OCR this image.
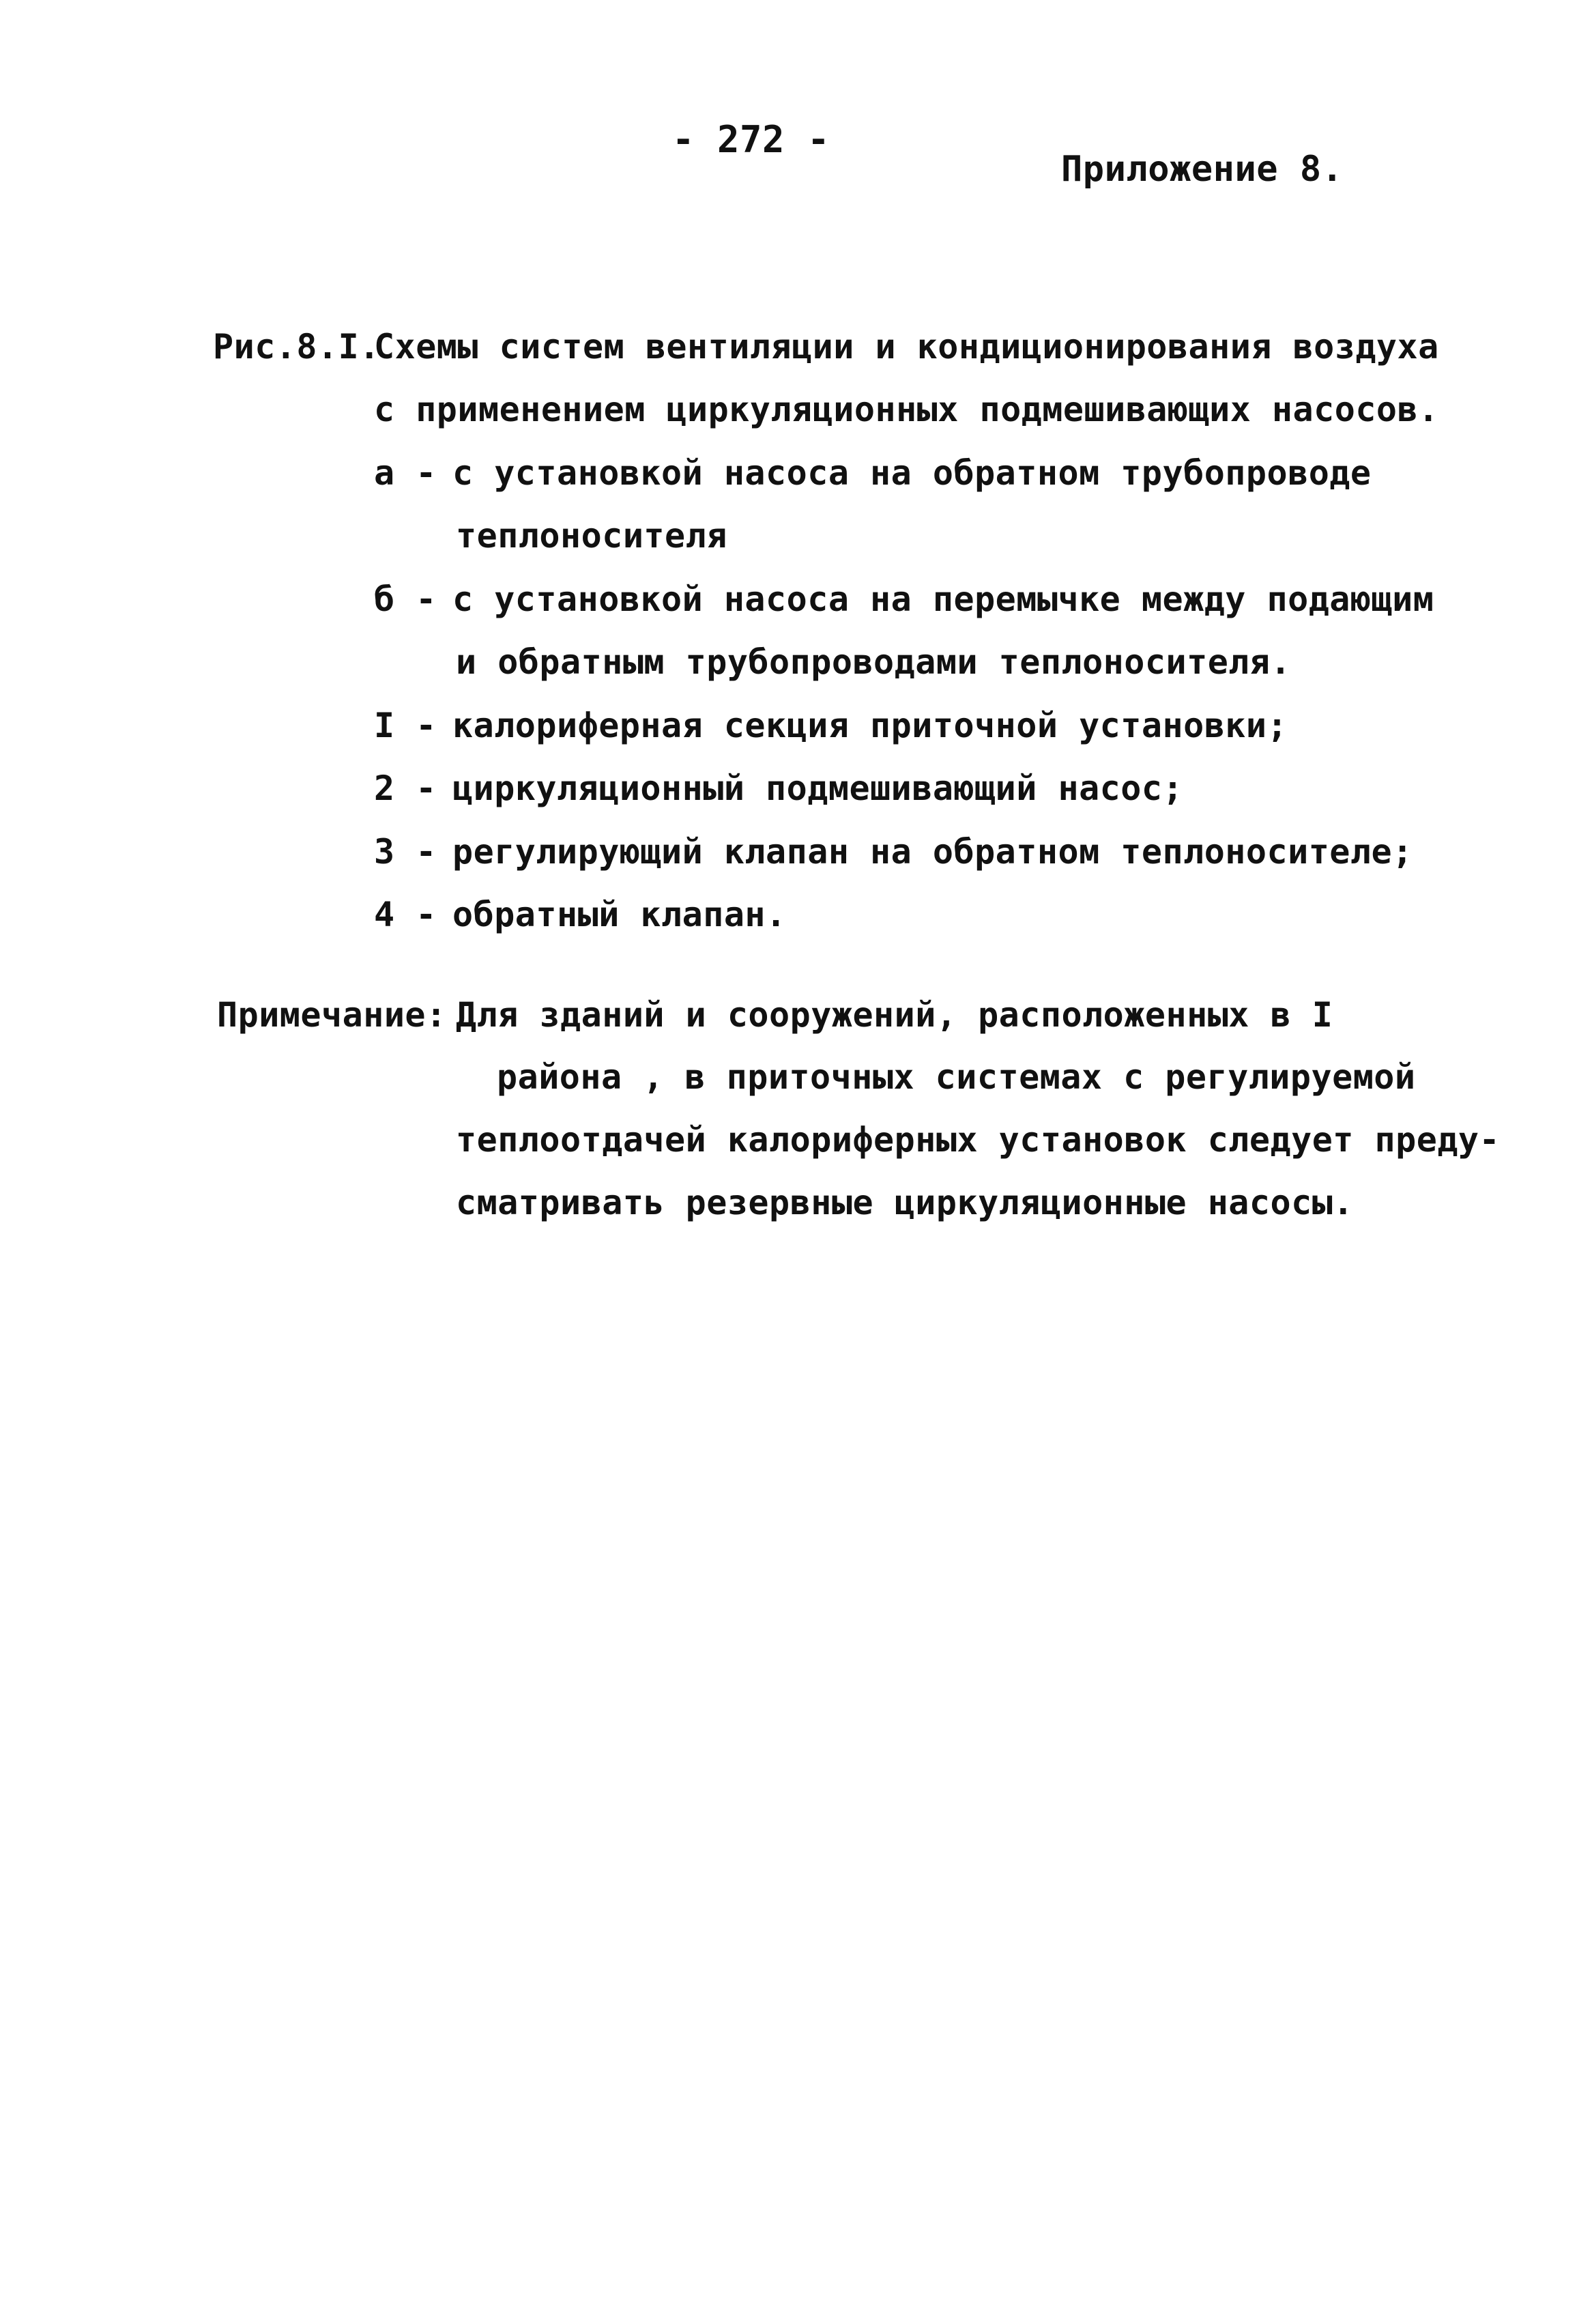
- 272 -
Приложение 8.
Рис.8.I.
Схемы систем вентиляции и кондиционирования воздуха
с применением циркуляционных подмешивающих насосов.
а - с установкой насоса на обратном трубопроводе
теплоносителя
б - с установкой насоса на перемычке между подающим
и обратным трубопроводами теплоносителя.
I - калориферная секция приточной установки;
2 - циркуляционный подмешивающий насос;
3 - регулирующий клапан на обратном теплоносителе;
4 - обратный клапан.
Примечание: Для зданий и сооружений, расположенных в I
района , в приточных системах с регулируемой
теплоотдачей калориферных установок следует преду-
сматривать резервные циркуляционные насосы.
